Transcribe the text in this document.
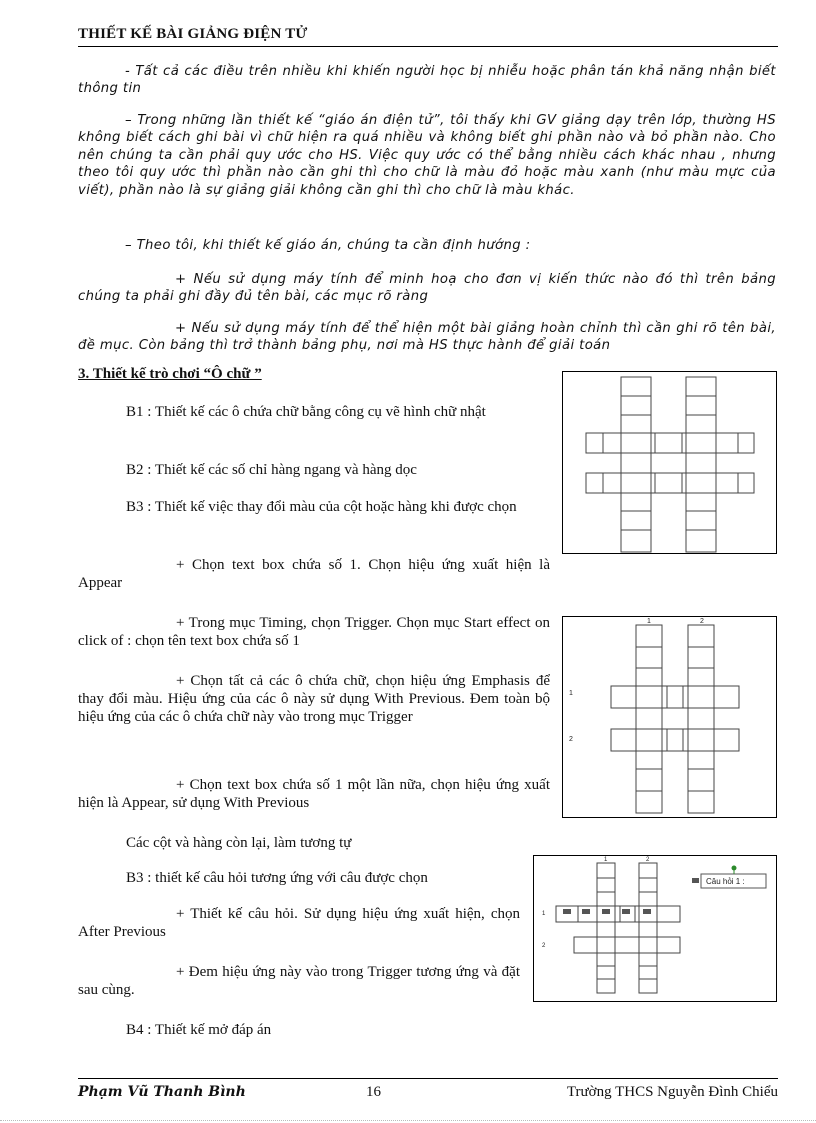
THIẾT KẾ BÀI GIẢNG ĐIỆN TỬ

- Tất cả các điều trên nhiều khi khiến người học bị nhiễu hoặc phân tán khả năng nhận biết thông tin

– Trong những lần thiết kế “giáo án điện tử”, tôi thấy khi GV giảng dạy trên lớp, thường HS không biết cách ghi bài vì chữ hiện ra quá nhiều và không biết ghi phần nào và bỏ phần nào. Cho nên chúng ta cần phải quy ước cho HS. Việc quy ước có thể bằng nhiều cách khác nhau , nhưng theo tôi quy ước thì phần nào cần ghi thì cho chữ là màu đỏ hoặc màu xanh (như màu mực của viết), phần nào là sự giảng giải không cần ghi thì cho chữ là màu khác.

– Theo tôi, khi thiết kế giáo án, chúng ta cần định hướng :

+ Nếu sử dụng máy tính để minh hoạ cho đơn vị kiến thức nào đó thì trên bảng chúng ta phải ghi đầy đủ tên bài, các mục rõ ràng

+ Nếu sử dụng máy tính để thể hiện một bài giảng hoàn chỉnh thì cần ghi rõ tên bài, đề mục. Còn bảng thì trở thành bảng phụ, nơi mà HS thực hành để giải toán

3. Thiết kế trò chơi “Ô chữ ”

B1 : Thiết kế các ô chứa chữ bằng công cụ vẽ hình chữ nhật

B2 : Thiết kế các số chỉ hàng ngang và hàng dọc

B3 : Thiết kế việc thay đổi màu của cột hoặc hàng khi được chọn

+ Chọn text box chứa số 1. Chọn hiệu ứng xuất hiện là Appear

+ Trong mục Timing, chọn Trigger. Chọn mục Start effect on click of : chọn tên text box chứa số 1

+ Chọn tất cả các ô chứa chữ, chọn hiệu ứng Emphasis để thay đổi màu. Hiệu ứng của các ô này sử dụng With Previous. Đem toàn bộ hiệu ứng của các ô chứa chữ này vào trong mục Trigger

+ Chọn text box chứa số 1 một lần nữa, chọn hiệu ứng xuất hiện là Appear, sử dụng With Previous

Các cột và hàng còn lại, làm tương tự

B3 : thiết kế câu hỏi tương ứng với câu được chọn

+ Thiết kế câu hỏi. Sử dụng hiệu ứng xuất hiện, chọn After Previous

+ Đem hiệu ứng này vào trong Trigger tương ứng và đặt sau cùng.

B4 : Thiết kế mở đáp án

1	2
1
2
1	2
1
2
Câu hỏi 1 :
Phạm Vũ Thanh Bình	16	Trường THCS Nguyễn Đình Chiểu
